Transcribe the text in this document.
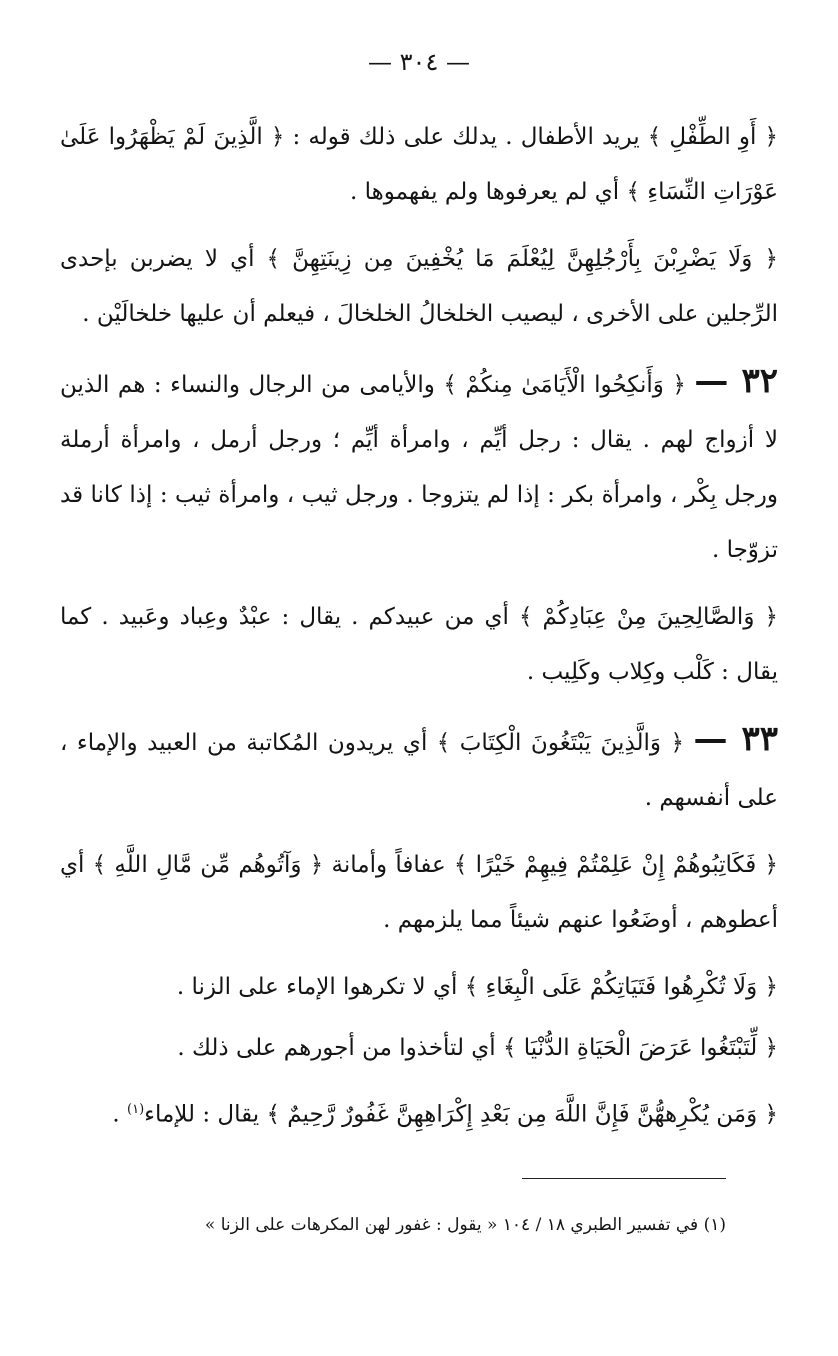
— ٣٠٤ —

﴿ أَوِ الطِّفْلِ ﴾ يريد الأطفال . يدلك على ذلك قوله : ﴿ الَّذِينَ لَمْ يَظْهَرُوا عَلَىٰ عَوْرَاتِ النِّسَاءِ ﴾ أي لم يعرفوها ولم يفهموها .

﴿ وَلَا يَضْرِبْنَ بِأَرْجُلِهِنَّ لِيُعْلَمَ مَا يُخْفِينَ مِن زِينَتِهِنَّ ﴾ أي لا يضربن بإحدى الرِّجلين على الأخرى ، ليصيب الخلخالُ الخلخالَ ، فيعلم أن عليها خلخالَيْن .

٣٢ — ﴿ وَأَنكِحُوا الْأَيَامَىٰ مِنكُمْ ﴾ والأيامى من الرجال والنساء : هم الذين لا أزواج لهم . يقال : رجل أيِّم ، وامرأة أيِّم ؛ ورجل أرمل ، وامرأة أرملة ورجل بِكْر ، وامرأة بكر : إذا لم يتزوجا . ورجل ثيب ، وامرأة ثيب : إذا كانا قد تزوّجا .

﴿ وَالصَّالِحِينَ مِنْ عِبَادِكُمْ ﴾ أي من عبيدكم . يقال : عبْدٌ وعِباد وعَبيد . كما يقال : كَلْب وكِلاب وكَلِيب .

٣٣ — ﴿ وَالَّذِينَ يَبْتَغُونَ الْكِتَابَ ﴾ أي يريدون المُكاتبة من العبيد والإماء ، على أنفسهم .

﴿ فَكَاتِبُوهُمْ إِنْ عَلِمْتُمْ فِيهِمْ خَيْرًا ﴾ عفافاً وأمانة ﴿ وَآتُوهُم مِّن مَّالِ اللَّهِ ﴾ أي أعطوهم ، أوضَعُوا عنهم شيئاً مما يلزمهم .

﴿ وَلَا تُكْرِهُوا فَتَيَاتِكُمْ عَلَى الْبِغَاءِ ﴾ أي لا تكرهوا الإماء على الزنا .

﴿ لِّتَبْتَغُوا عَرَضَ الْحَيَاةِ الدُّنْيَا ﴾ أي لتأخذوا من أجورهم على ذلك .

﴿ وَمَن يُكْرِههُّنَّ فَإِنَّ اللَّهَ مِن بَعْدِ إِكْرَاهِهِنَّ غَفُورٌ رَّحِيمٌ ﴾ يقال : للإماء$^{(١)}$ .

(١) في تفسير الطبري ١٨ / ١٠٤ « يقول : غفور لهن المكرهات على الزنا »
